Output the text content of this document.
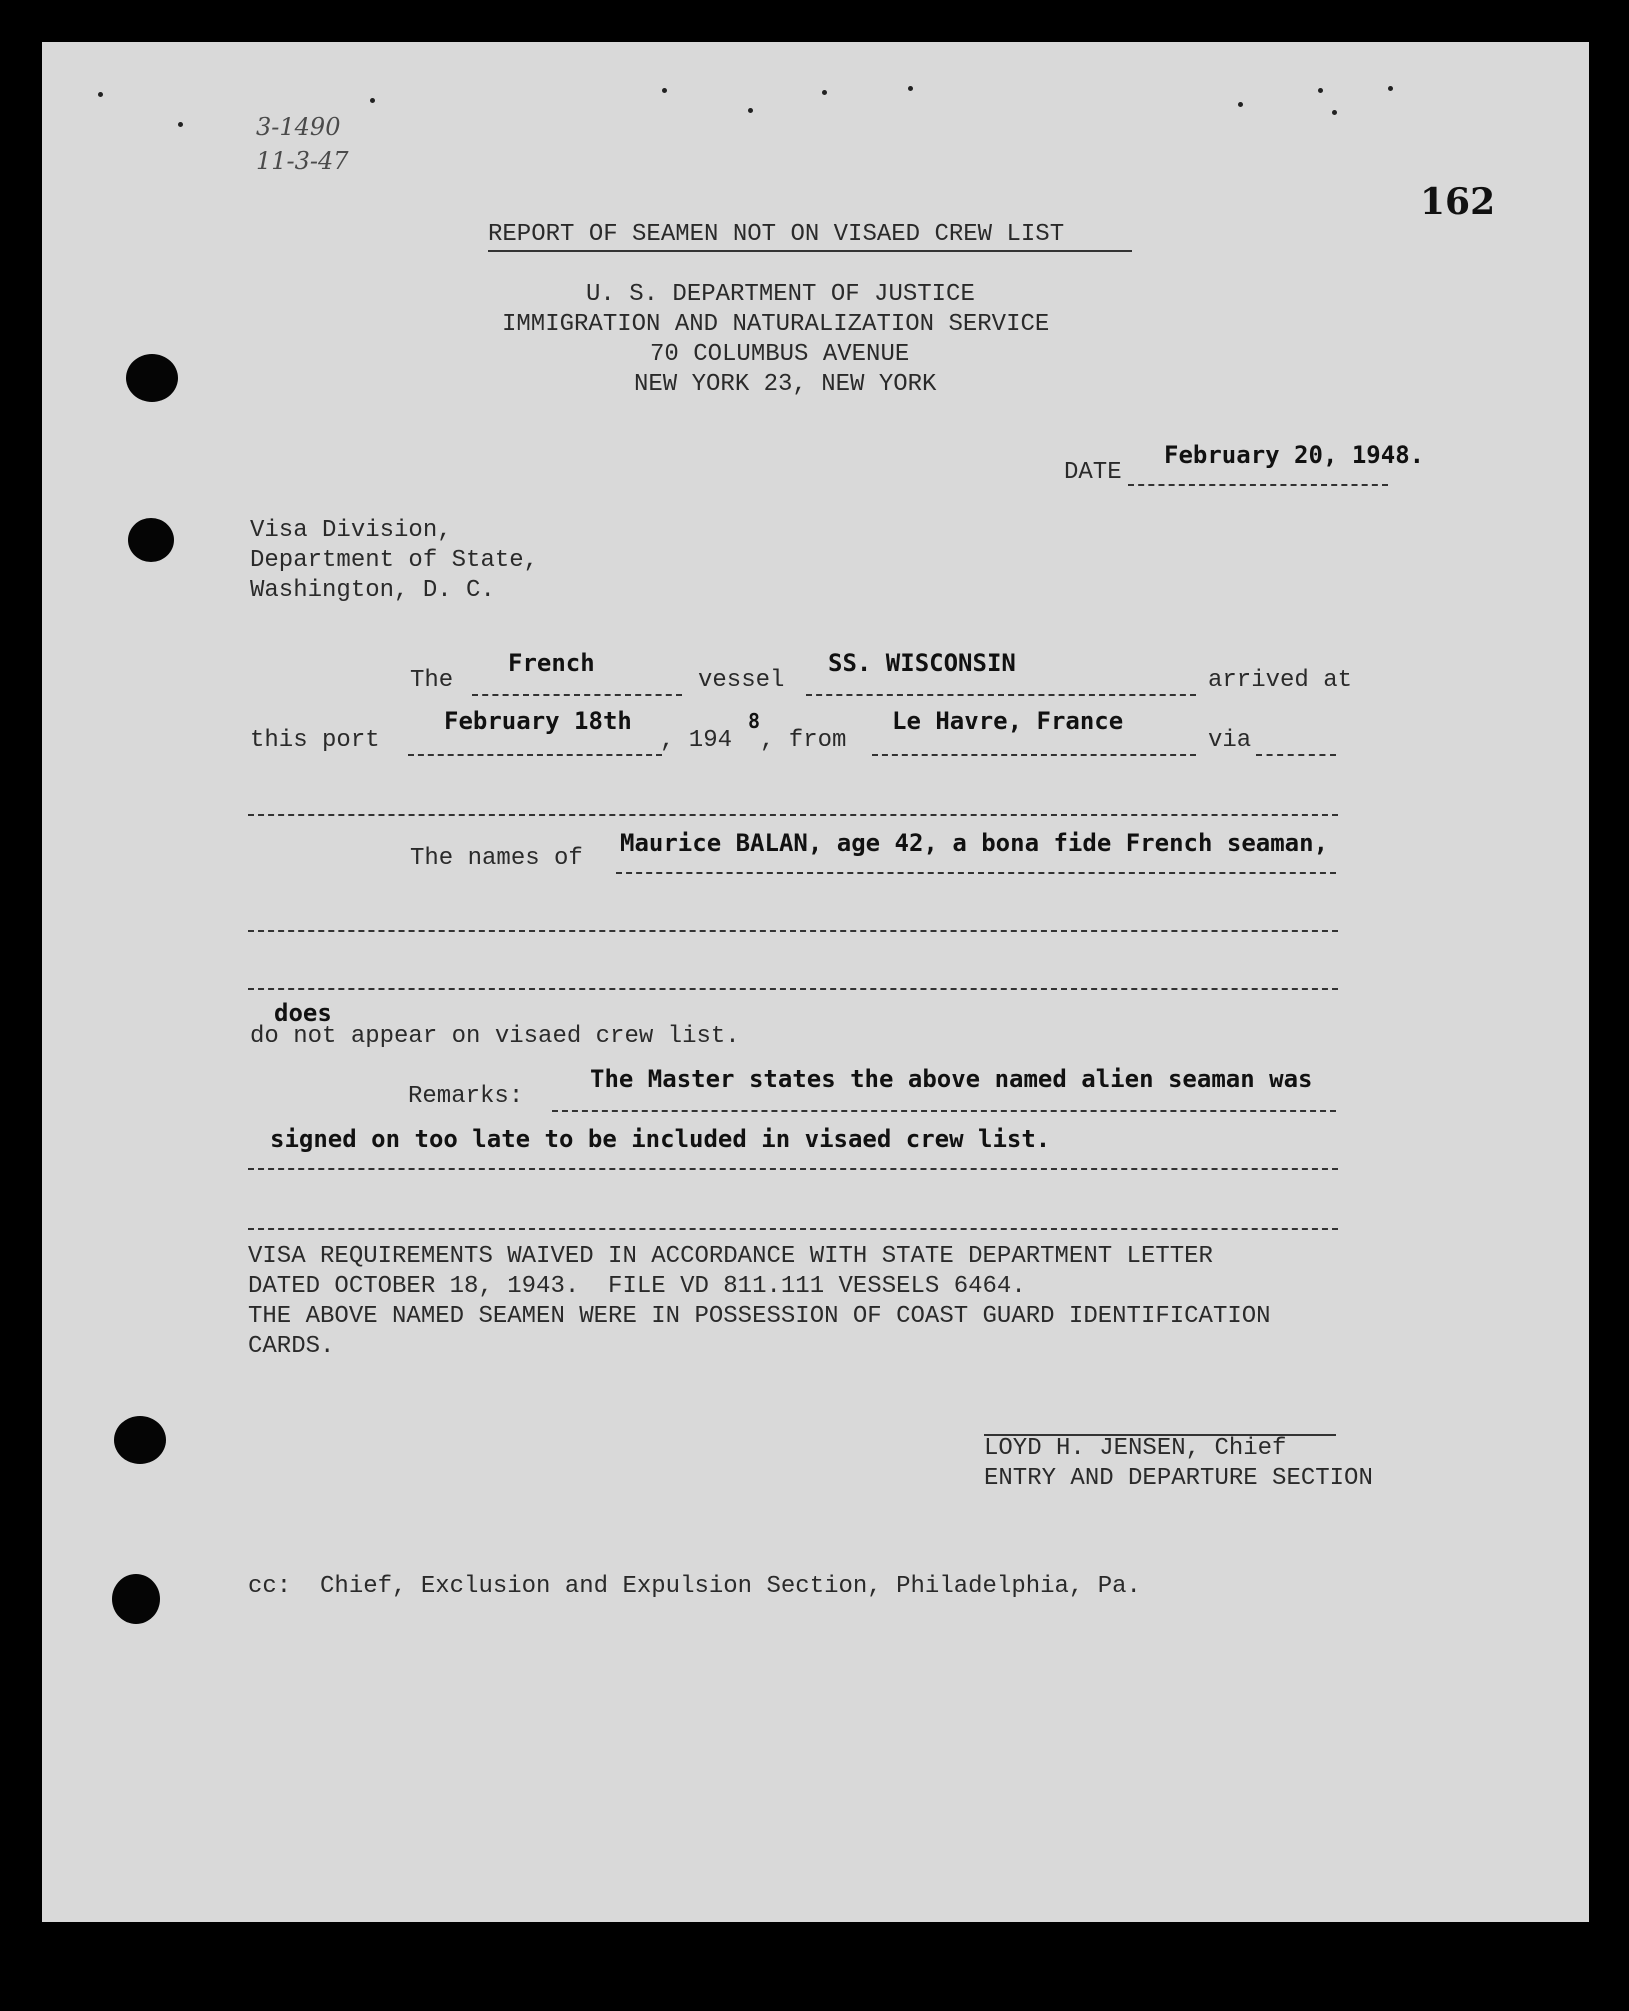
3-1490
11-3-47
162
REPORT OF SEAMEN NOT ON VISAED CREW LIST
U. S. DEPARTMENT OF JUSTICE
IMMIGRATION AND NATURALIZATION SERVICE
70 COLUMBUS AVENUE
NEW YORK 23, NEW YORK
DATE
February 20, 1948.
Visa Division,
Department of State,
Washington, D. C.
The
French
vessel
SS. WISCONSIN
arrived at
this port
February 18th
, 194
8
, from
Le Havre, France
via
The names of
Maurice BALAN, age 42, a bona fide French seaman,
does
do not appear on visaed crew list.
Remarks:
The Master states the above named alien seaman was
signed on too late to be included in visaed crew list.
VISA REQUIREMENTS WAIVED IN ACCORDANCE WITH STATE DEPARTMENT LETTER
DATED OCTOBER 18, 1943.  FILE VD 811.111 VESSELS 6464.
THE ABOVE NAMED SEAMEN WERE IN POSSESSION OF COAST GUARD IDENTIFICATION
CARDS.
LOYD H. JENSEN, Chief
ENTRY AND DEPARTURE SECTION
cc:  Chief, Exclusion and Expulsion Section, Philadelphia, Pa.
